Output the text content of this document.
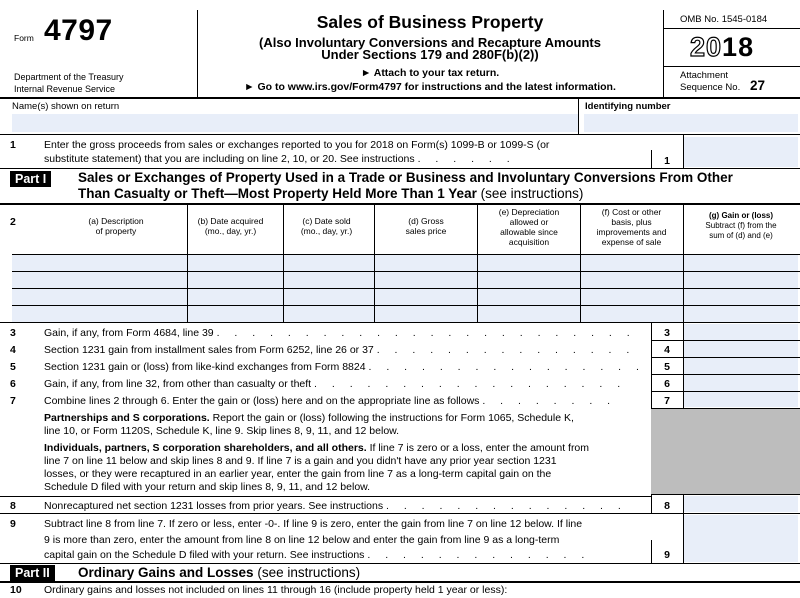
Form 4797
Department of the Treasury
Internal Revenue Service
Sales of Business Property
(Also Involuntary Conversions and Recapture Amounts
Under Sections 179 and 280F(b)(2))
► Attach to your tax return.
► Go to www.irs.gov/Form4797 for instructions and the latest information.
OMB No. 1545-0184
2018
Attachment
Sequence No. 27
Name(s) shown on return	Identifying number
1	Enter the gross proceeds from sales or exchanges reported to you for 2018 on Form(s) 1099-B or 1099-S (or
substitute statement) that you are including on line 2, 10, or 20. See instructions . . . . . .	1
Part I	Sales or Exchanges of Property Used in a Trade or Business and Involuntary Conversions From Other
Than Casualty or Theft—Most Property Held More Than 1 Year (see instructions)
2	(a) Description
of property
(b) Date acquired
(mo., day, yr.)
(c) Date sold
(mo., day, yr.)
(d) Gross
sales price
(e) Depreciation
allowed or
allowable since
acquisition
(f) Cost or other
basis, plus
improvements and
expense of sale
(g) Gain or (loss)
Subtract (f) from the
sum of (d) and (e)
3	Gain, if any, from Form 4684, line 39 . . . . . . . . . . . . . . . . . . . . . . . .	3
4	Section 1231 gain from installment sales from Form 6252, line 26 or 37 . . . . . . . . . . . . . . .	4
5	Section 1231 gain or (loss) from like-kind exchanges from Form 8824 . . . . . . . . . . . . . . . .	5
6	Gain, if any, from line 32, from other than casualty or theft . . . . . . . . . . . . . . . . . .	6
7	Combine lines 2 through 6. Enter the gain or (loss) here and on the appropriate line as follows . . . . . . . .	7
Partnerships and S corporations. Report the gain or (loss) following the instructions for Form 1065, Schedule K,
line 10, or Form 1120S, Schedule K, line 9. Skip lines 8, 9, 11, and 12 below.
Individuals, partners, S corporation shareholders, and all others. If line 7 is zero or a loss, enter the amount from
line 7 on line 11 below and skip lines 8 and 9. If line 7 is a gain and you didn't have any prior year section 1231
losses, or they were recaptured in an earlier year, enter the gain from line 7 as a long-term capital gain on the
Schedule D filed with your return and skip lines 8, 9, 11, and 12 below.
8	Nonrecaptured net section 1231 losses from prior years. See instructions . . . . . . . . . . . . . .	8
9	Subtract line 8 from line 7. If zero or less, enter -0-. If line 9 is zero, enter the gain from line 7 on line 12 below. If line
9 is more than zero, enter the amount from line 8 on line 12 below and enter the gain from line 9 as a long-term
capital gain on the Schedule D filed with your return. See instructions . . . . . . . . . . . . .	9
Part II	Ordinary Gains and Losses (see instructions)
10 Ordinary gains and losses not included on lines 11 through 16 (include property held 1 year or less):
